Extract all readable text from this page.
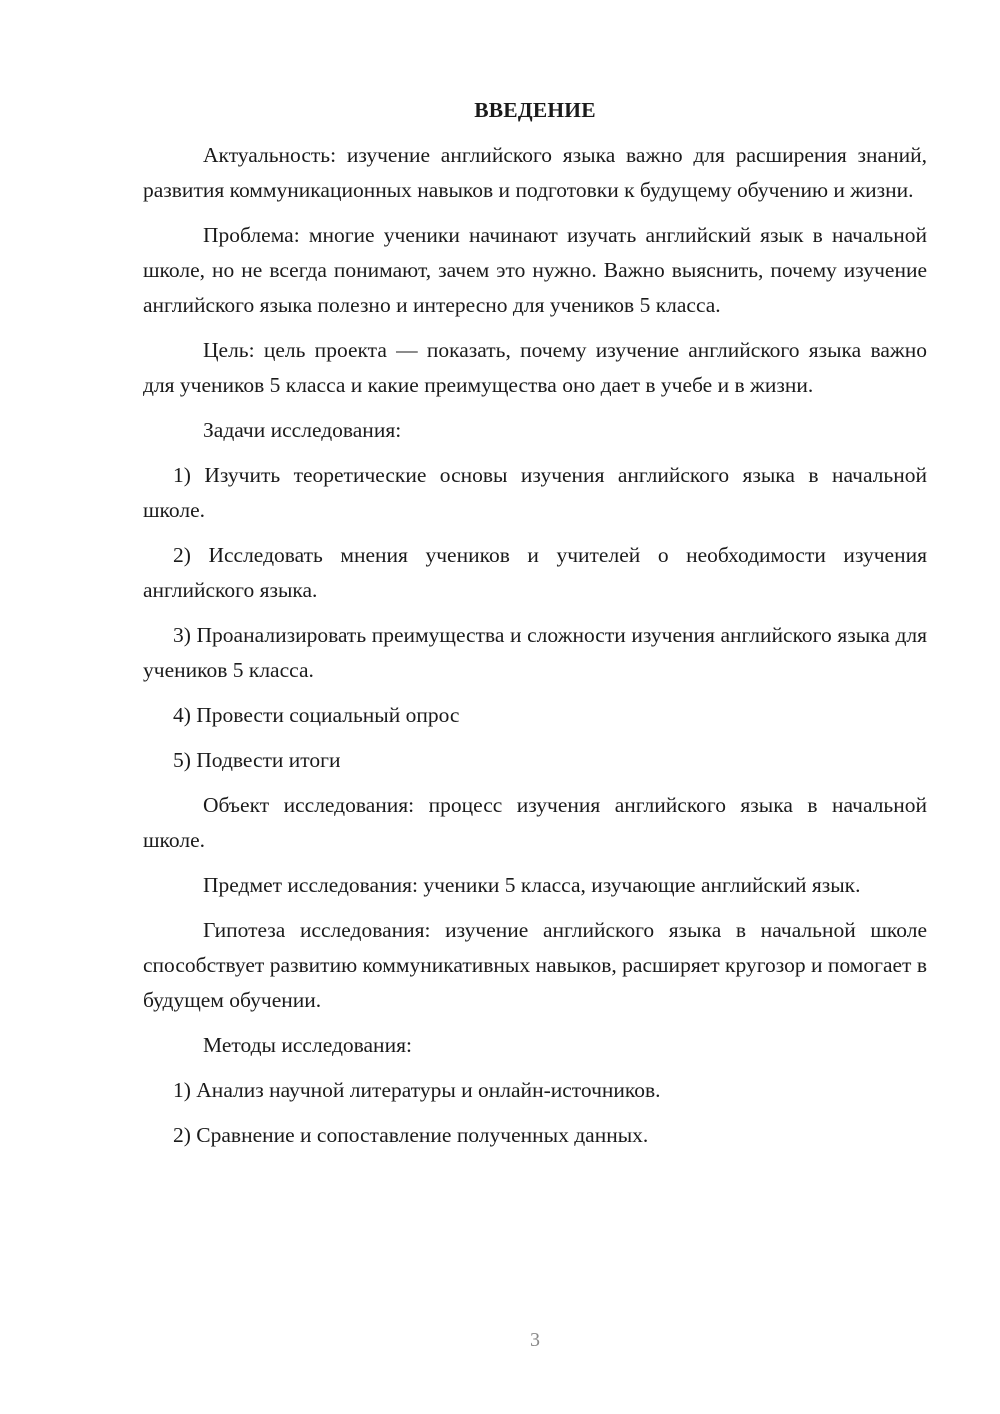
ВВЕДЕНИЕ

Актуальность: изучение английского языка важно для расширения знаний, развития коммуникационных навыков и подготовки к будущему обучению и жизни.

Проблема: многие ученики начинают изучать английский язык в начальной школе, но не всегда понимают, зачем это нужно. Важно выяснить, почему изучение английского языка полезно и интересно для учеников 5 класса.

Цель: цель проекта — показать, почему изучение английского языка важно для учеников 5 класса и какие преимущества оно дает в учебе и в жизни.

Задачи исследования:

1) Изучить теоретические основы изучения английского языка в начальной школе.

2) Исследовать мнения учеников и учителей о необходимости изучения английского языка.

3) Проанализировать преимущества и сложности изучения английского языка для учеников 5 класса.

4) Провести социальный опрос

5) Подвести итоги

Объект исследования: процесс изучения английского языка в начальной школе.

Предмет исследования: ученики 5 класса, изучающие английский язык.

Гипотеза исследования: изучение английского языка в начальной школе способствует развитию коммуникативных навыков, расширяет кругозор и помогает в будущем обучении.

Методы исследования:

1) Анализ научной литературы и онлайн-источников.

2) Сравнение и сопоставление полученных данных.

3
